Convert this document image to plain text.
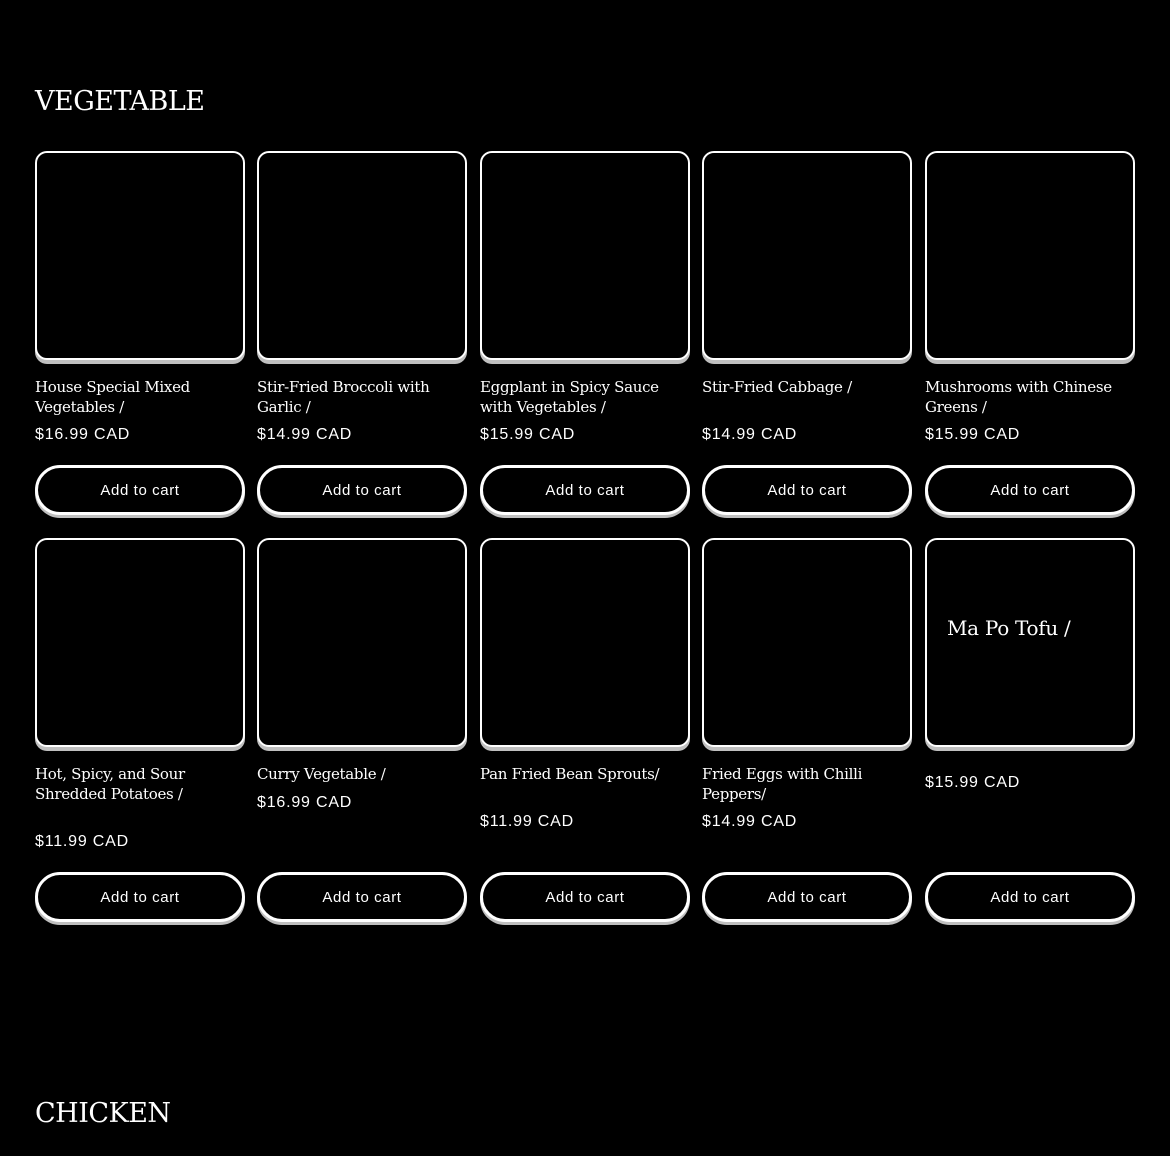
VEGETABLE
House Special Mixed Vegetables /

$16.99 CAD

Add to cart
Stir-Fried Broccoli with Garlic /

$14.99 CAD

Add to cart
Eggplant in Spicy Sauce with Vegetables /

$15.99 CAD

Add to cart
Stir-Fried Cabbage /

$14.99 CAD

Add to cart
Mushrooms with Chinese Greens /

$15.99 CAD

Add to cart
Hot, Spicy, and Sour Shredded Potatoes /

$11.99 CAD

Add to cart
Curry Vegetable /

$16.99 CAD

Add to cart
Pan Fried Bean Sprouts/

$11.99 CAD

Add to cart
Fried Eggs with Chilli Peppers/

$14.99 CAD

Add to cart
Ma Po Tofu /

$15.99 CAD

Add to cart
CHICKEN
